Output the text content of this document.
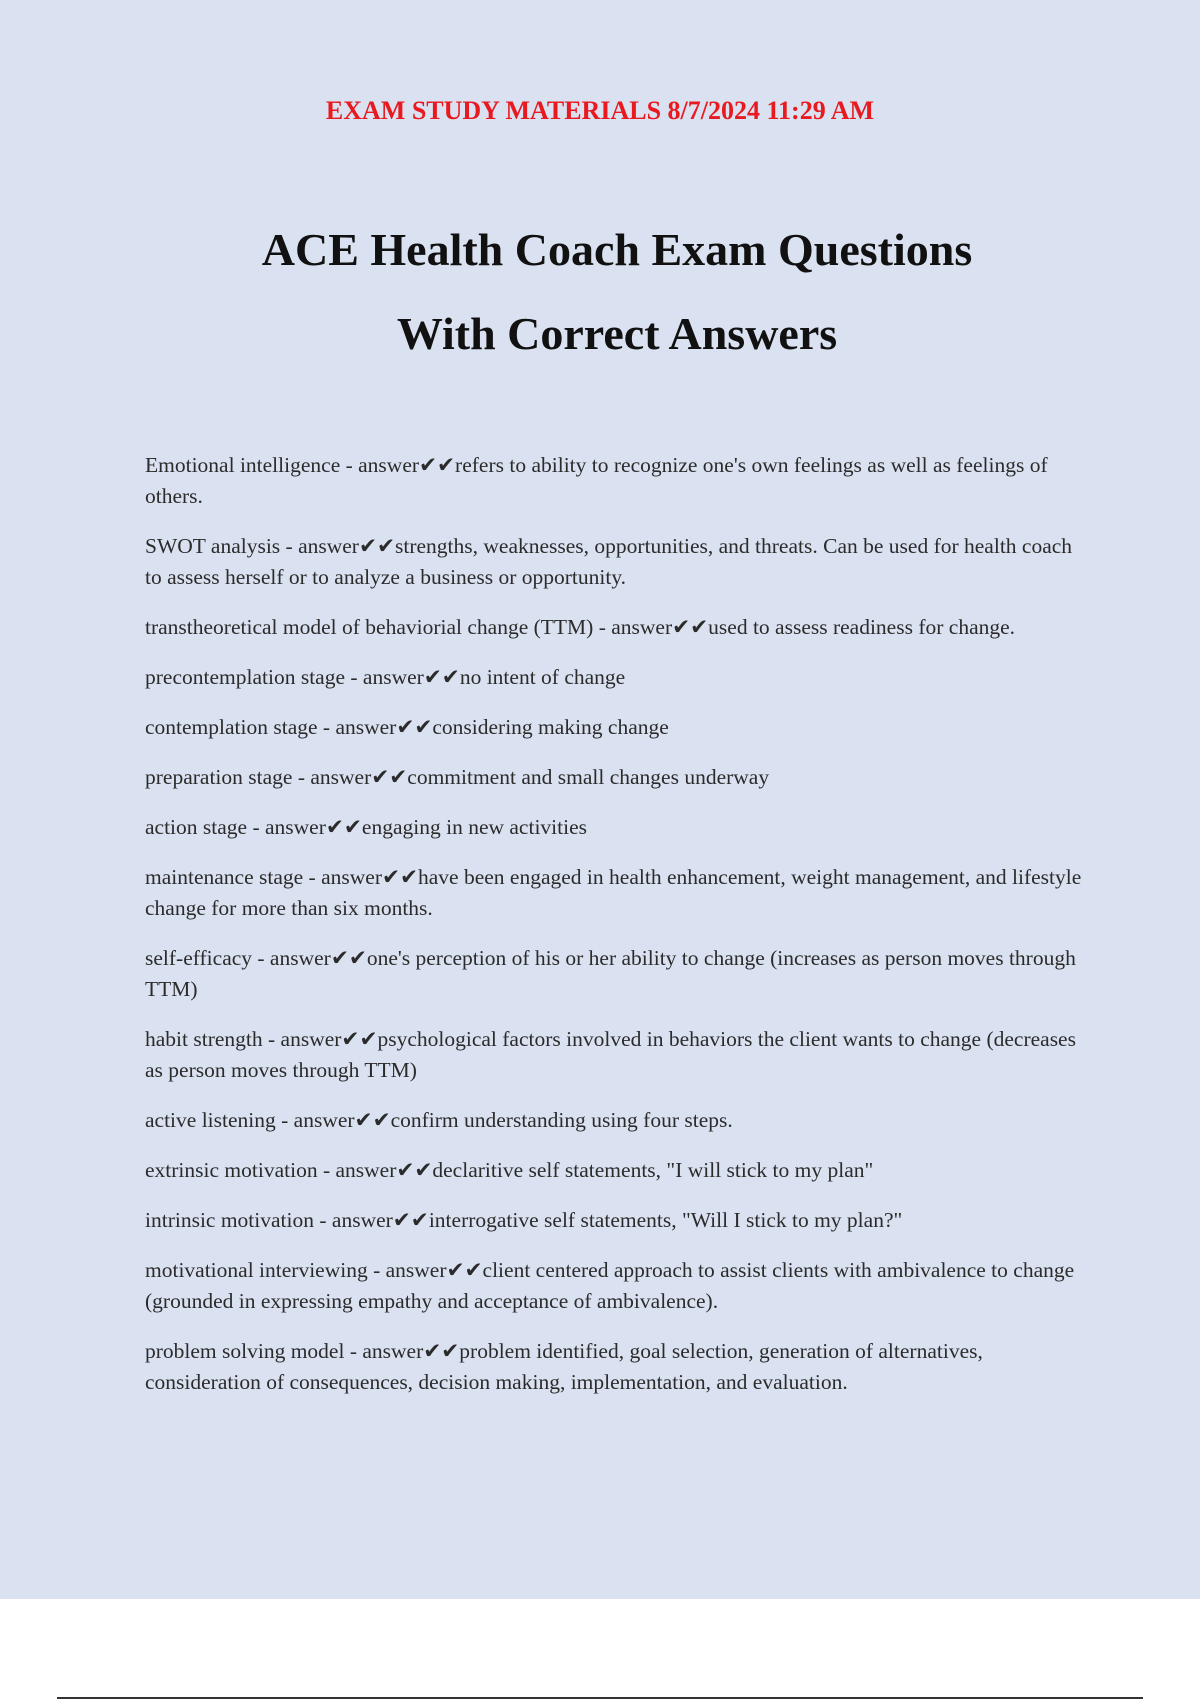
EXAM STUDY MATERIALS 8/7/2024 11:29 AM
ACE Health Coach Exam Questions
With Correct Answers

Emotional intelligence - answer✔✔refers to ability to recognize one's own feelings as well as feelings of others.

SWOT analysis - answer✔✔strengths, weaknesses, opportunities, and threats. Can be used for health coach to assess herself or to analyze a business or opportunity.

transtheoretical model of behaviorial change (TTM) - answer✔✔used to assess readiness for change.

precontemplation stage - answer✔✔no intent of change

contemplation stage - answer✔✔considering making change

preparation stage - answer✔✔commitment and small changes underway

action stage - answer✔✔engaging in new activities

maintenance stage - answer✔✔have been engaged in health enhancement, weight management, and lifestyle change for more than six months.

self-efficacy - answer✔✔one's perception of his or her ability to change (increases as person moves through TTM)

habit strength - answer✔✔psychological factors involved in behaviors the client wants to change (decreases as person moves through TTM)

active listening - answer✔✔confirm understanding using four steps.

extrinsic motivation - answer✔✔declaritive self statements, "I will stick to my plan"

intrinsic motivation - answer✔✔interrogative self statements, "Will I stick to my plan?"

motivational interviewing - answer✔✔client centered approach to assist clients with ambivalence to change (grounded in expressing empathy and acceptance of ambivalence).

problem solving model - answer✔✔problem identified, goal selection, generation of alternatives, consideration of consequences, decision making, implementation, and evaluation.
